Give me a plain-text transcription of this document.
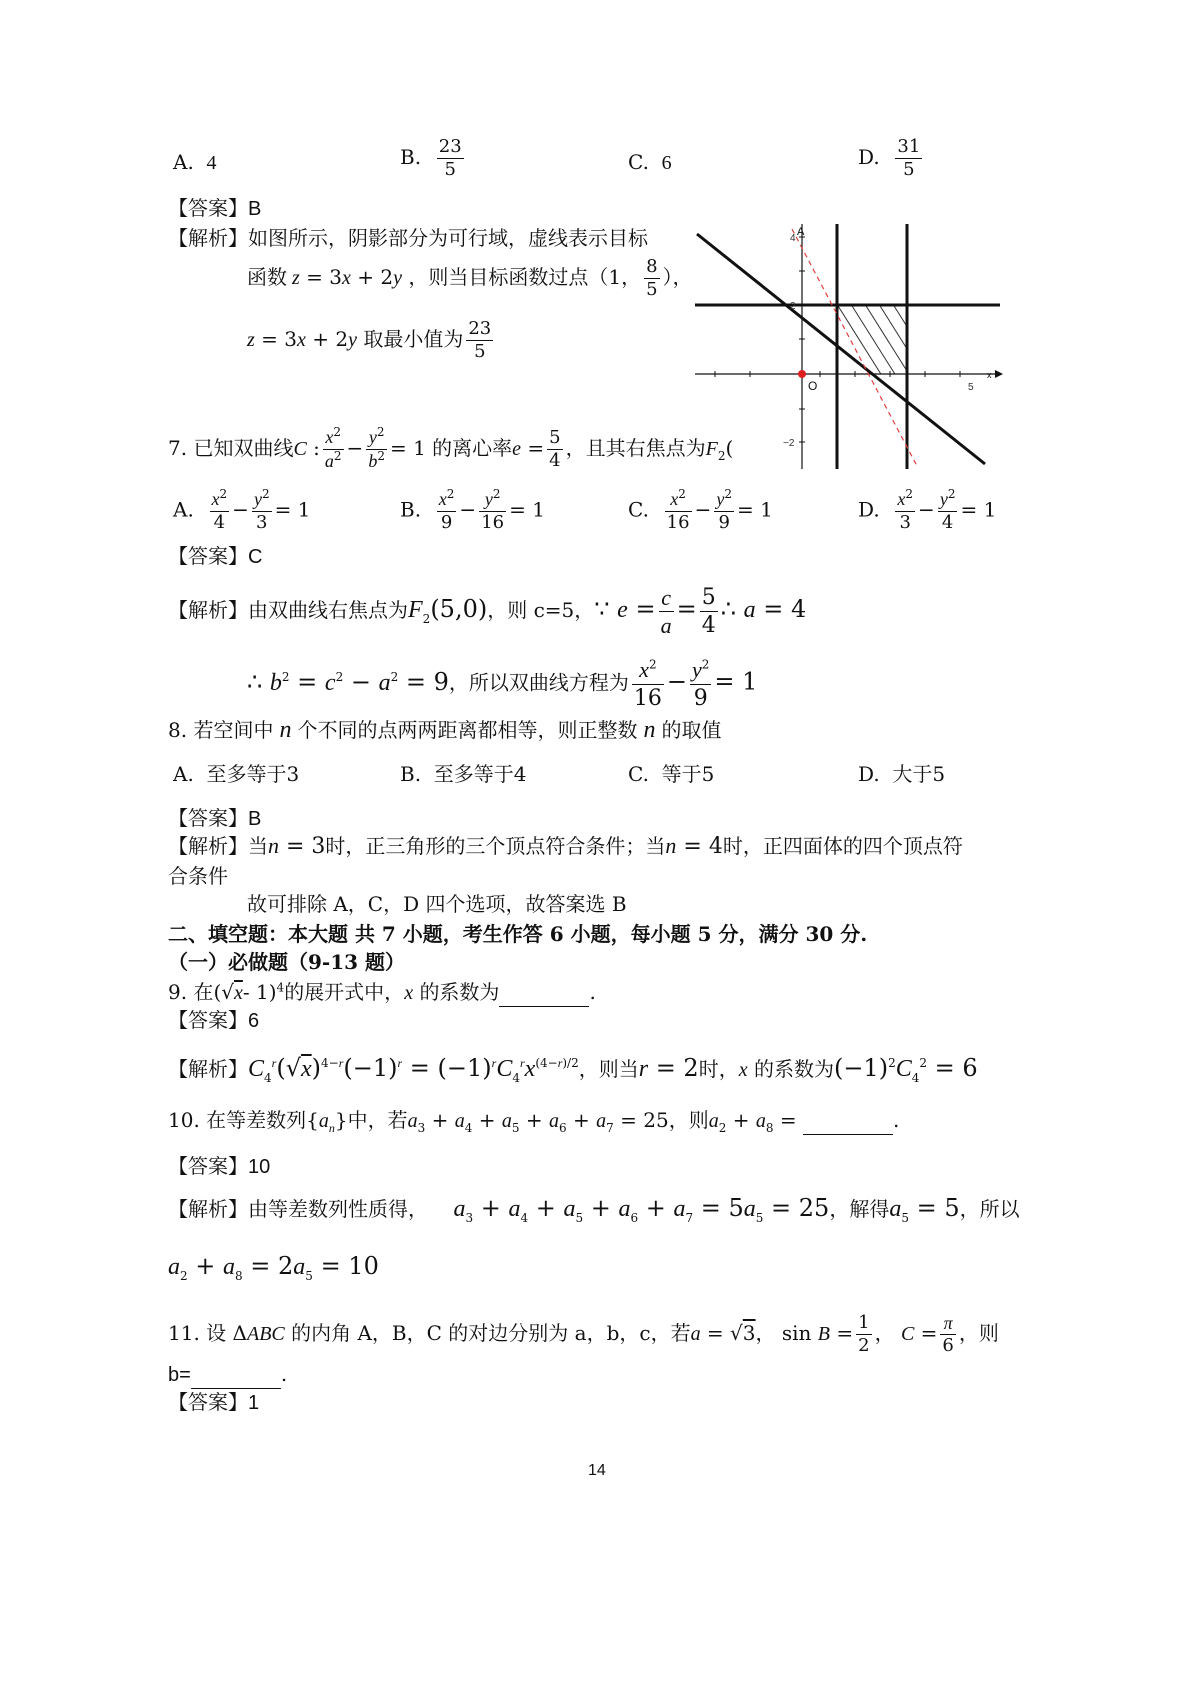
A. 4	B. $\frac{23}{5}$	C. 6	D. $\frac{31}{5}$
【答案】B
【解析】如图所示，阴影部分为可行域，虚线表示目标
函数 z = 3x + 2y ，则当目标函数过点（1， $\frac{8}{5}$ ），
z = 3x + 2y 取最小值为 $\frac{23}{5}$
4
2
−2
5
O
A
x
7. 已知双曲线C : $\frac{x^2}{a^2} - \frac{y^2}{b^2} = 1$ 的离心率$e = \frac{5}{4}$ ，且其右焦点为$F_2$(
A. $\frac{x^2}{4} - \frac{y^2}{3} = 1$	B. $\frac{x^2}{9} - \frac{y^2}{16} = 1$	C. $\frac{x^2}{16} - \frac{y^2}{9} = 1$	D. $\frac{x^2}{3} - \frac{y^2}{4} = 1$
【答案】C
【解析】由双曲线右焦点为$F_2(5,0)$，则 c=5，∵ $e = \frac{c}{a} = \frac{5}{4}$ ∴ a = 4
∴ $b^2 = c^2 - a^2 = 9$，所以双曲线方程为 $\frac{x^2}{16} - \frac{y^2}{9} = 1$
8. 若空间中 n 个不同的点两两距离都相等，则正整数 n 的取值
A. 至多等于3	B. 至多等于4	C. 等于5	D. 大于5
【答案】B
【解析】当n = 3时，正三角形的三个顶点符合条件；当n = 4时，正四面体的四个顶点符
合条件
故可排除 A，C，D 四个选项，故答案选 B
二、填空题：本大题 共 7 小题，考生作答 6 小题，每小题 5 分，满分 30 分.
（一）必做题（9-13 题）
9. 在(√x- 1)$^4$的展开式中，x 的系数为	.
【答案】6
【解析】$C_4^r(√x)^{4-r}(-1)^r = (-1)^rC_4^rx^{(4-r)/2}$，则当r = 2时，x 的系数为$(-1)^2C_4^2 = 6$
10. 在等差数列$\{a_n\}$中，若$a_3 + a_4 + a_5 + a_6 + a_7 = 25$，则$a_2 + a_8$ =	.
【答案】10
【解析】由等差数列性质得， $a_3 + a_4 + a_5 + a_6 + a_7 = 5a_5 = 25$，解得$a_5 = 5$，所以
$a_2 + a_8 = 2a_5 = 10$
11. 设 ΔABC 的内角 A，B，C 的对边分别为 a，b，c，若a = √3， $\sin B = \frac{1}{2}$ ， $C = \frac{\pi}{6}$ ，则
b=	.
【答案】1
14
